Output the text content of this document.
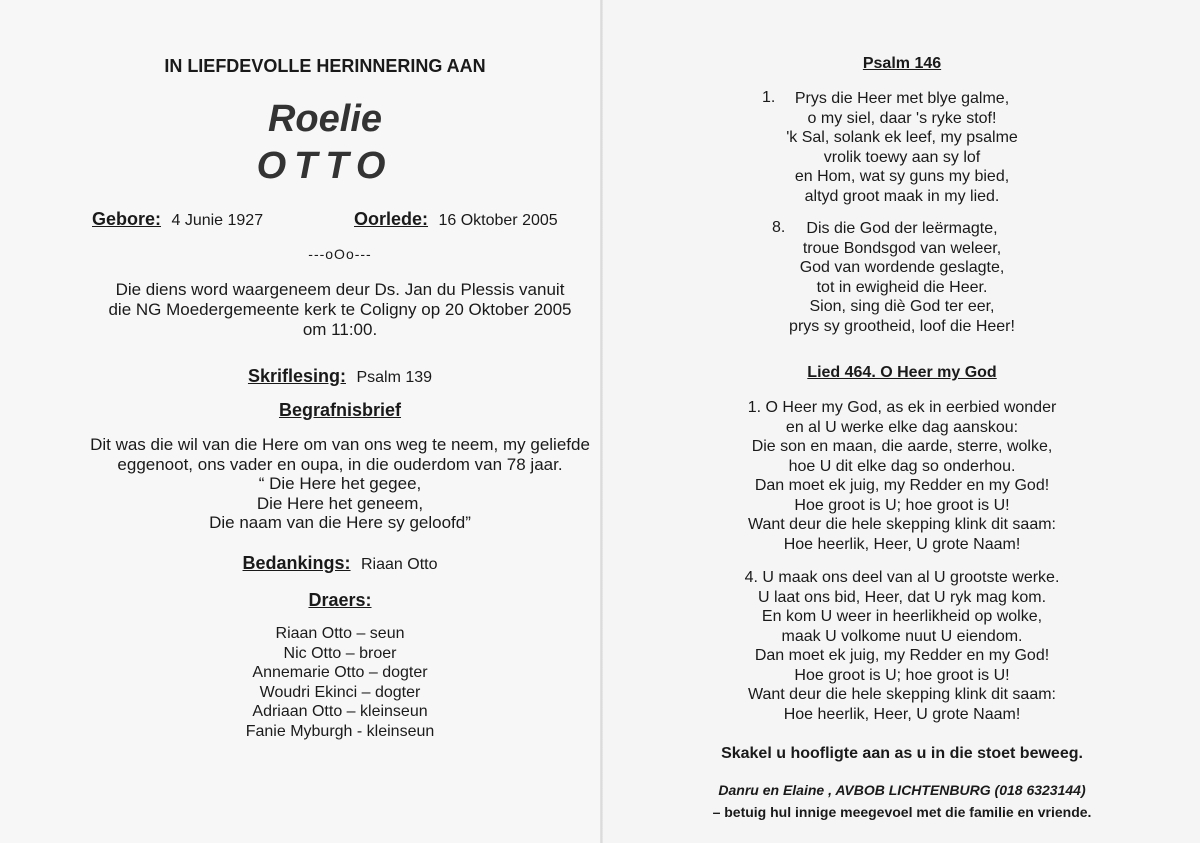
IN LIEFDEVOLLE HERINNERING AAN
Roelie
OTTO
Gebore: 4 Junie 1927	Oorlede: 16 Oktober 2005
---oOo---
Die diens word waargeneem deur Ds. Jan du Plessis vanuit
die NG Moedergemeente kerk te Coligny op 20 Oktober 2005
om 11:00.
Skriflesing: Psalm 139
Begrafnisbrief
Dit was die wil van die Here om van ons weg te neem, my geliefde
eggenoot, ons vader en oupa, in die ouderdom van 78 jaar.
“ Die Here het gegee,
Die Here het geneem,
Die naam van die Here sy geloofd”
Bedankings: Riaan Otto
Draers:
Riaan Otto – seun
Nic Otto – broer
Annemarie Otto – dogter
Woudri Ekinci – dogter
Adriaan Otto – kleinseun
Fanie Myburgh - kleinseun
Psalm 146
1.	Prys die Heer met blye galme,
o my siel, daar 's ryke stof!
'k Sal, solank ek leef, my psalme
vrolik toewy aan sy lof
en Hom, wat sy guns my bied,
altyd groot maak in my lied.
8.	Dis die God der leërmagte,
troue Bondsgod van weleer,
God van wordende geslagte,
tot in ewigheid die Heer.
Sion, sing diè God ter eer,
prys sy grootheid, loof die Heer!
Lied 464. O Heer my God
1. O Heer my God, as ek in eerbied wonder
en al U werke elke dag aanskou:
Die son en maan, die aarde, sterre, wolke,
hoe U dit elke dag so onderhou.
Dan moet ek juig, my Redder en my God!
Hoe groot is U; hoe groot is U!
Want deur die hele skepping klink dit saam:
Hoe heerlik, Heer, U grote Naam!
4. U maak ons deel van al U grootste werke.
U laat ons bid, Heer, dat U ryk mag kom.
En kom U weer in heerlikheid op wolke,
maak U volkome nuut U eiendom.
Dan moet ek juig, my Redder en my God!
Hoe groot is U; hoe groot is U!
Want deur die hele skepping klink dit saam:
Hoe heerlik, Heer, U grote Naam!
Skakel u hoofligte aan as u in die stoet beweeg.
Danru en Elaine , AVBOB LICHTENBURG (018 6323144)
– betuig hul innige meegevoel met die familie en vriende.
